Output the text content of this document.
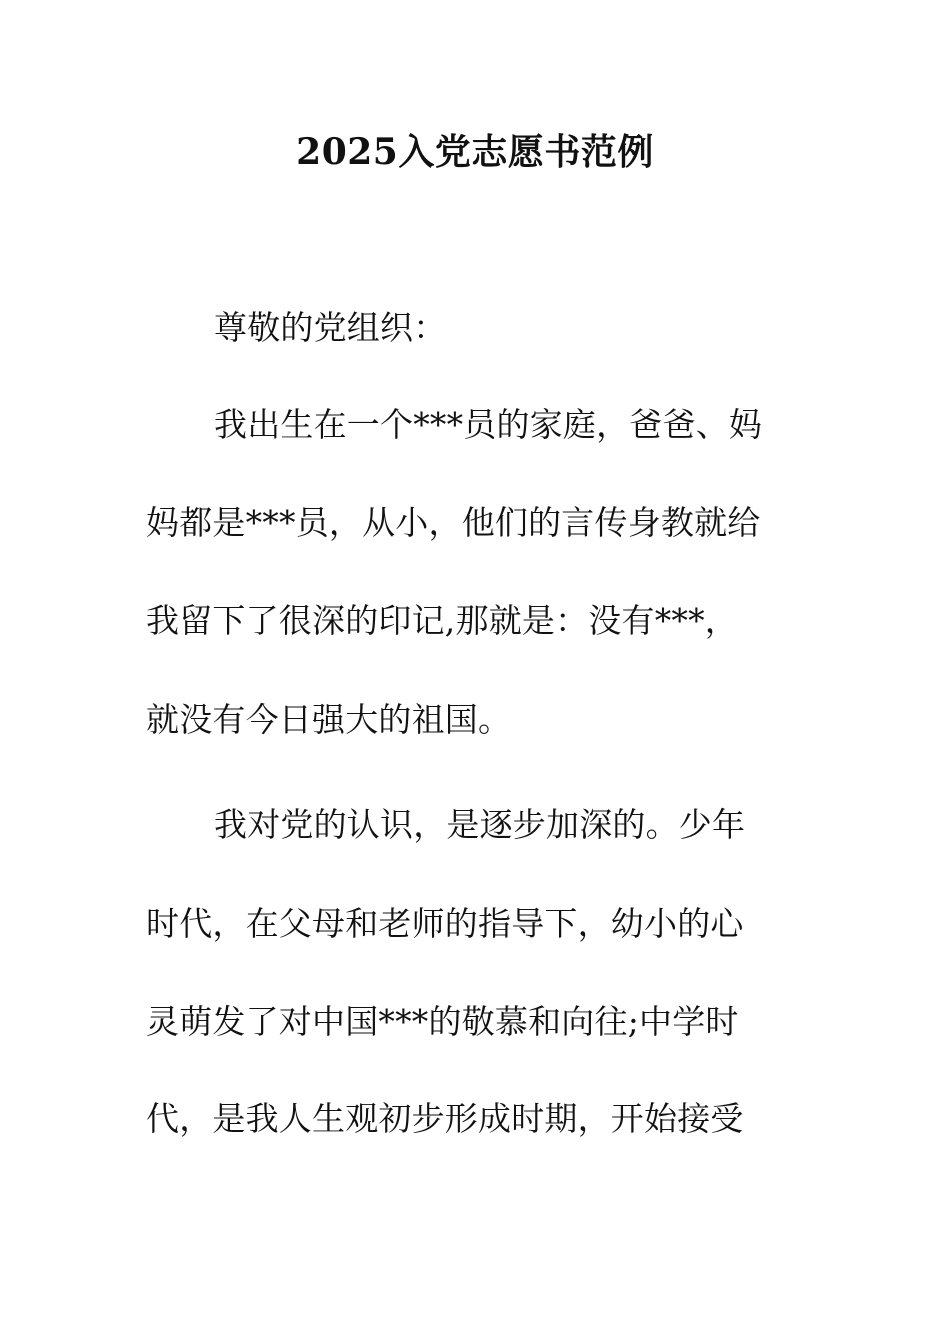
2025入党志愿书范例
尊敬的党组织：
我出生在一个***员的家庭，爸爸、妈
妈都是***员，从小，他们的言传身教就给
我留下了很深的印记,那就是：没有***，
就没有今日强大的祖国。
我对党的认识，是逐步加深的。少年
时代，在父母和老师的指导下，幼小的心
灵萌发了对中国***的敬慕和向往;中学时
代，是我人生观初步形成时期，开始接受
